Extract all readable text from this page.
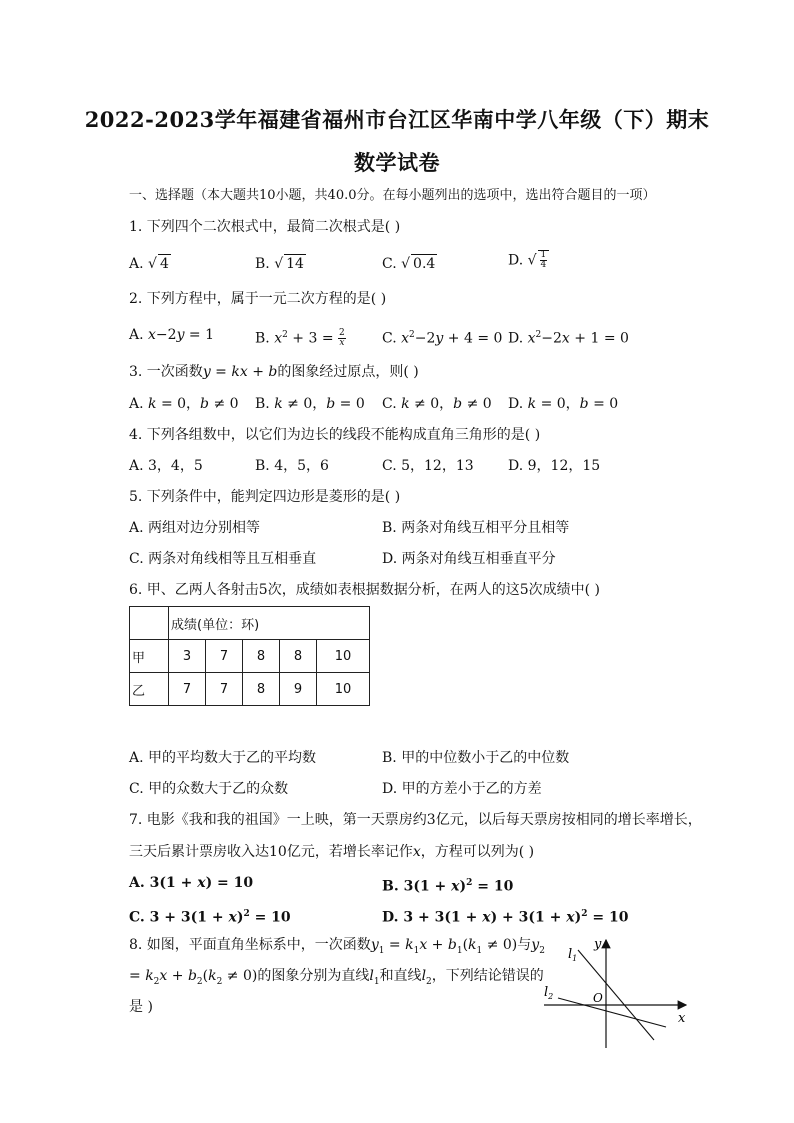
2022-2023学年福建省福州市台江区华南中学八年级（下）期末
数学试卷
一、选择题（本大题共10小题，共40.0分。在每小题列出的选项中，选出符合题目的一项）
1. 下列四个二次根式中，最简二次根式是( )
A. √ 4	B. √ 14	C. √ 0.4	D. √ $\frac{1}{4}$
2. 下列方程中，属于一元二次方程的是( )
A. x−2y = 1	B. $x^2 + 3 = \frac{2}{x}$	C. $x^2-2y + 4 = 0$ D. $x^2-2x + 1 = 0$
3. 一次函数y = kx + b的图象经过原点，则( )
A. k = 0，b ≠ 0 B. k ≠ 0，b = 0 C. k ≠ 0，b ≠ 0 D. k = 0，b = 0
4. 下列各组数中，以它们为边长的线段不能构成直角三角形的是( )
A. 3，4，5	B. 4，5，6	C. 5，12，13 D. 9，12，15
5. 下列条件中，能判定四边形是菱形的是( )
A. 两组对边分别相等	B. 两条对角线互相平分且相等
C. 两条对角线相等且互相垂直	D. 两条对角线互相垂直平分
6. 甲、乙两人各射击5次，成绩如表根据数据分析，在两人的这5次成绩中( )
	成绩(单位：环)				
甲	3	7	8	8	10
乙	7	7	8	9	10
A. 甲的平均数大于乙的平均数	B. 甲的中位数小于乙的中位数
C. 甲的众数大于乙的众数	D. 甲的方差小于乙的方差
7. 电影《我和我的祖国》一上映，第一天票房约3亿元，以后每天票房按相同的增长率增长，
三天后累计票房收入达10亿元，若增长率记作x，方程可以列为( )
A. 3(1 + x) = 10	B. $3(1 + x)^2 = 10$
C. $3 + 3(1 + x)^2 = 10$	D. $3 + 3(1 + x) + 3(1 + x)^2 = 10$
8. 如图，平面直角坐标系中，一次函数$y_1 = k_1x + b_1(k_1 \ne 0)$与$y_2$
= $k_2x + b_2(k_2 \ne 0)$的图象分别为直线$l_1$和直线$l_2$，下列结论错误的
是 )
$l_1$
$l_2$
y
x
O
